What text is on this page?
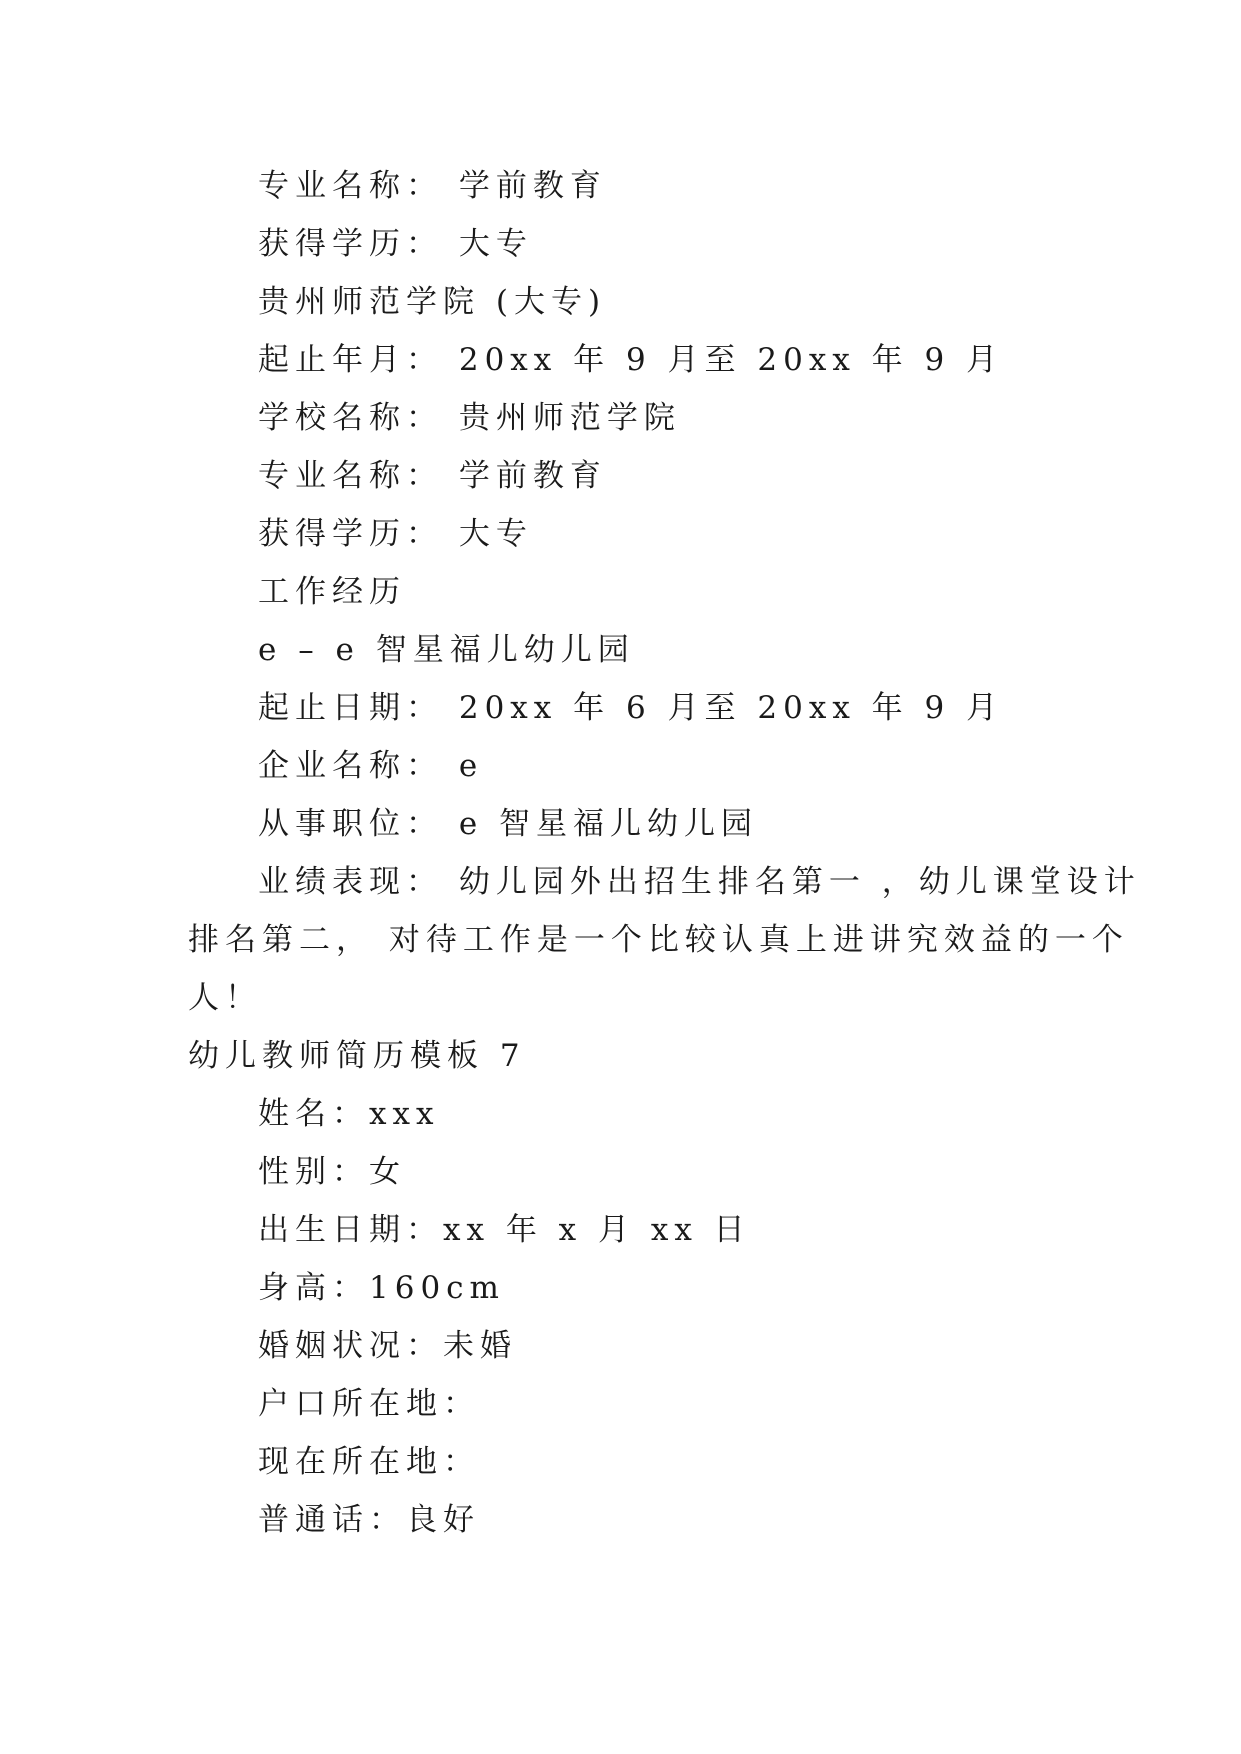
专业名称： 学前教育
获得学历： 大专
贵州师范学院 (大专)
起止年月： 20xx 年 9 月至 20xx 年 9 月
学校名称： 贵州师范学院
专业名称： 学前教育
获得学历： 大专
工作经历
e – e 智星福儿幼儿园
起止日期： 20xx 年 6 月至 20xx 年 9 月
企业名称： e
从事职位： e 智星福儿幼儿园
业绩表现： 幼儿园外出招生排名第一 ，幼儿课堂设计
排名第二， 对待工作是一个比较认真上进讲究效益的一个
人！
幼儿教师简历模板 7
姓名：xxx
性别：女
出生日期：xx 年 x 月 xx 日
身高：160cm
婚姻状况：未婚
户口所在地：
现在所在地：
普通话：良好
